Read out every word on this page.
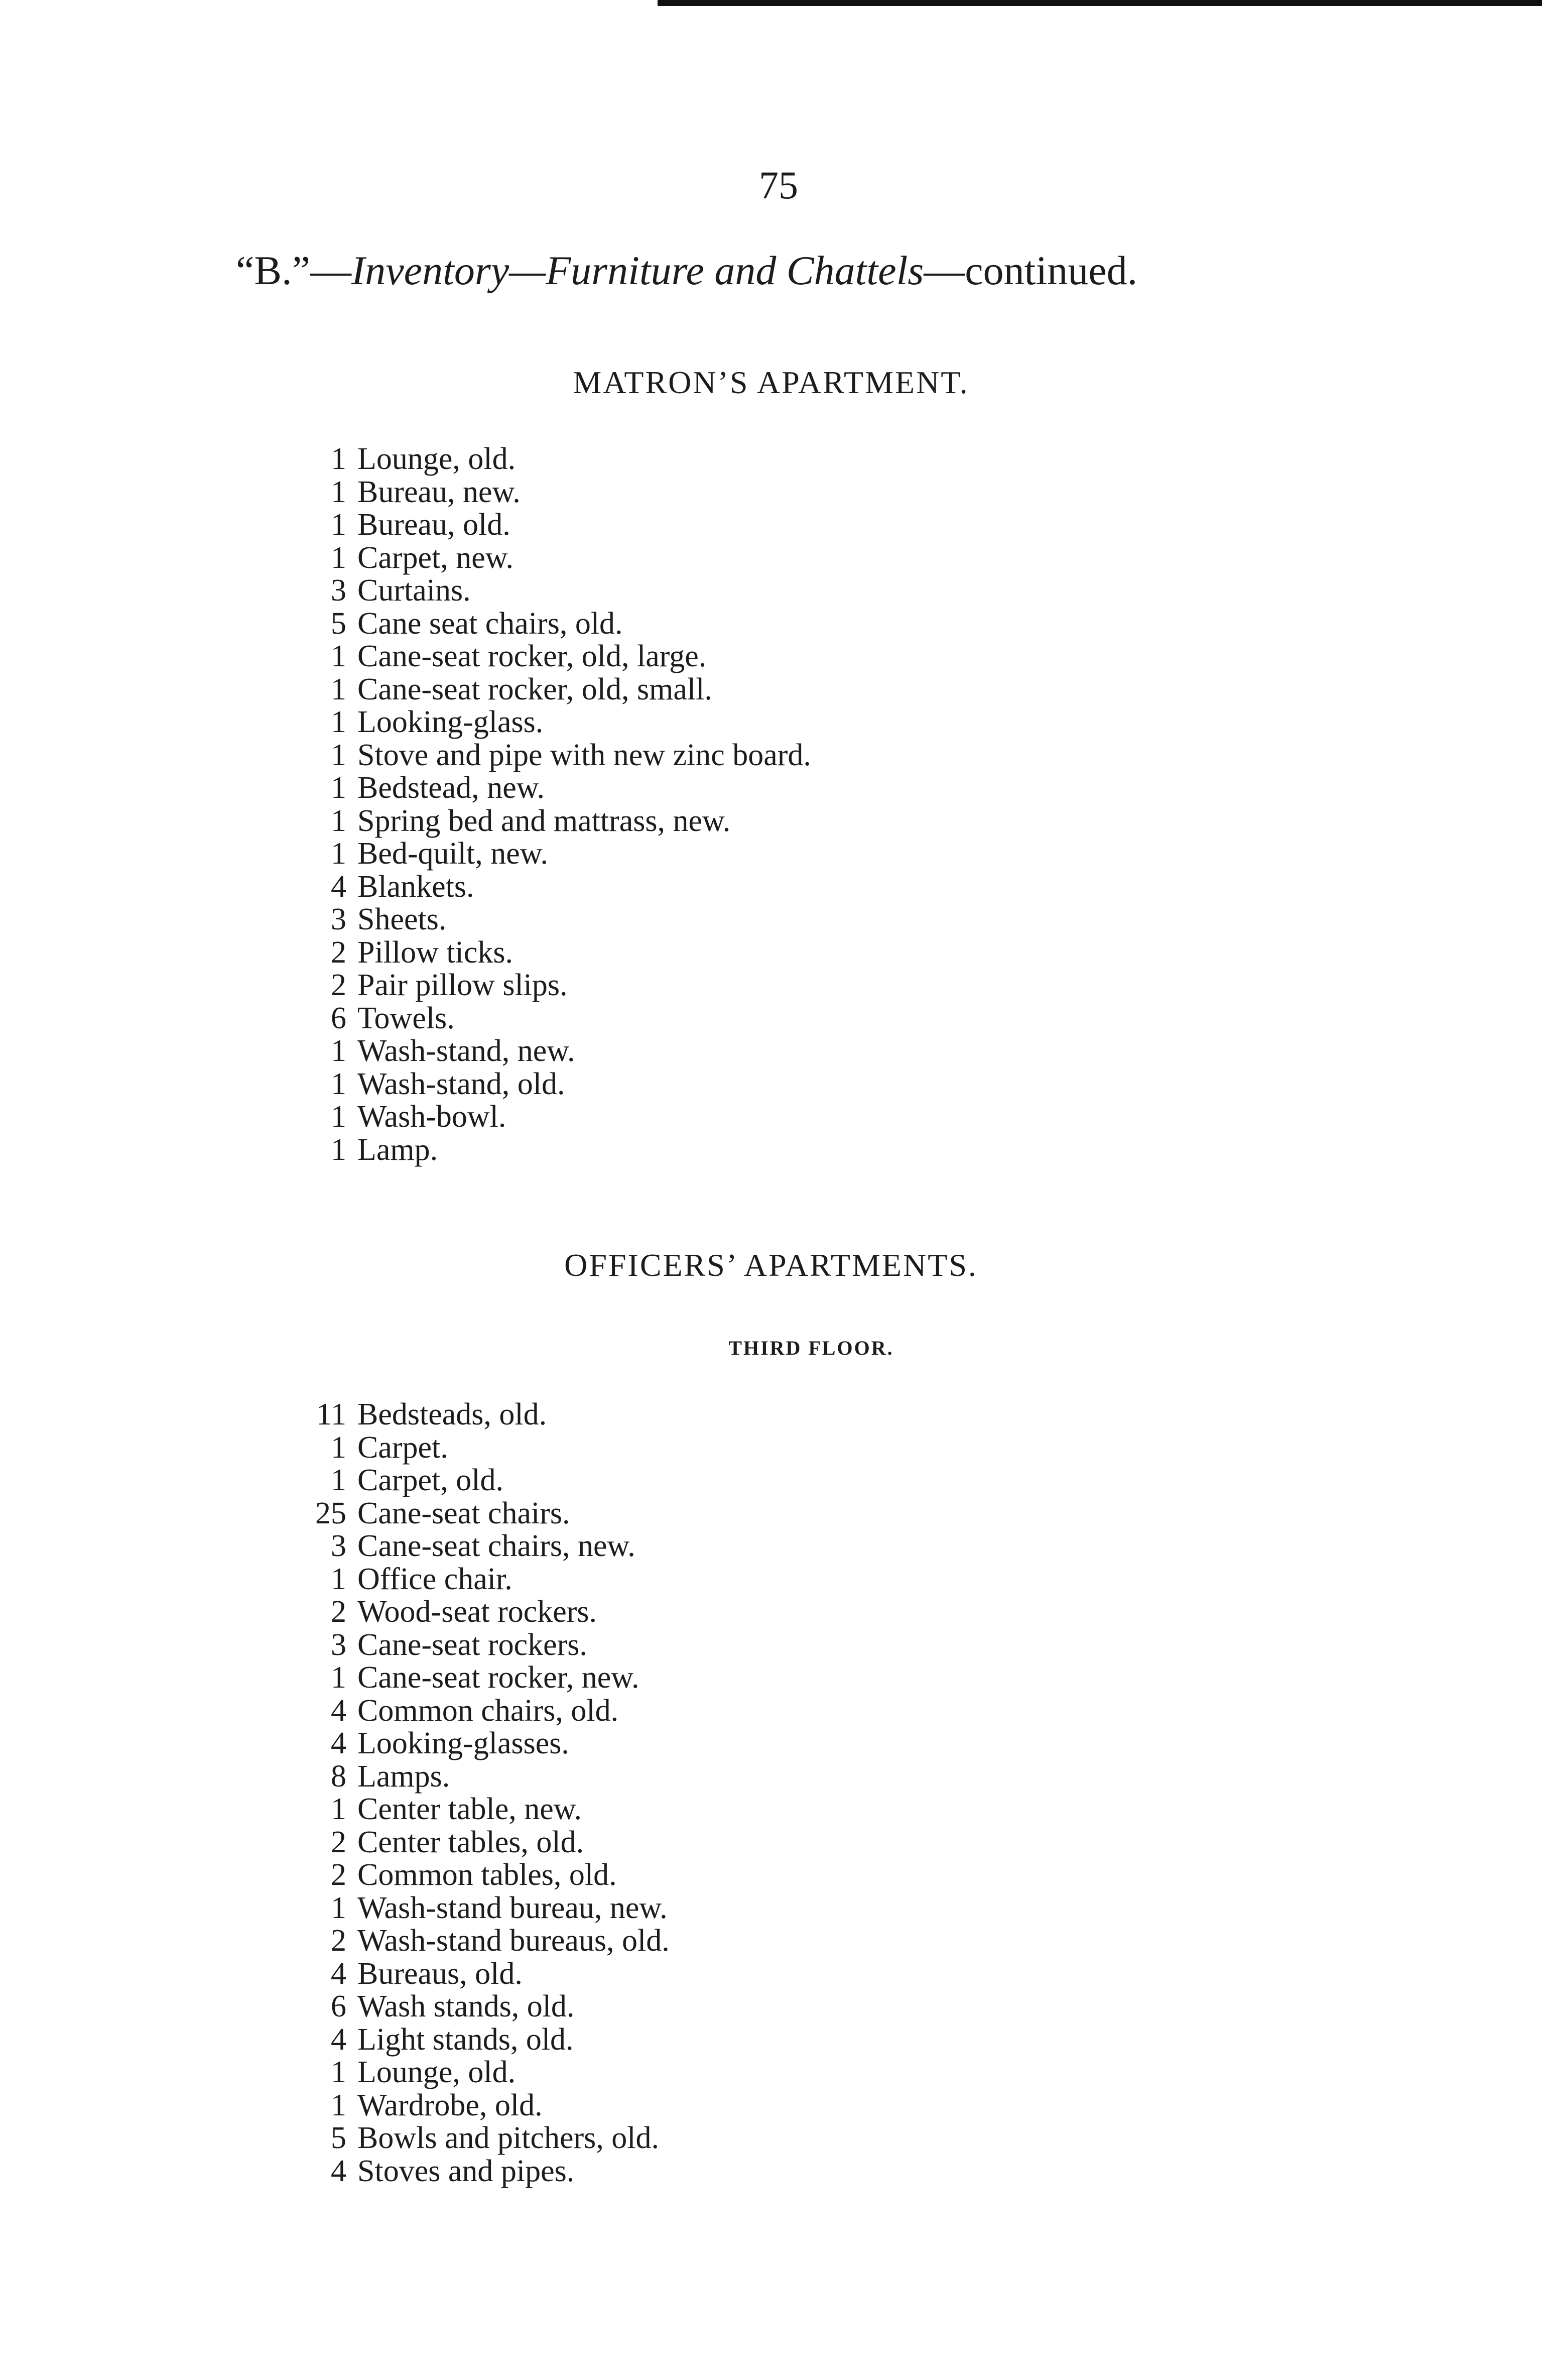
75
“B.”—Inventory—Furniture and Chattels—continued.
MATRON’S APARTMENT.
1 Lounge, old.
1 Bureau, new.
1 Bureau, old.
1 Carpet, new.
3 Curtains.
5 Cane seat chairs, old.
1 Cane-seat rocker, old, large.
1 Cane-seat rocker, old, small.
1 Looking-glass.
1 Stove and pipe with new zinc board.
1 Bedstead, new.
1 Spring bed and mattrass, new.
1 Bed-quilt, new.
4 Blankets.
3 Sheets.
2 Pillow ticks.
2 Pair pillow slips.
6 Towels.
1 Wash-stand, new.
1 Wash-stand, old.
1 Wash-bowl.
1 Lamp.
OFFICERS’ APARTMENTS.
THIRD FLOOR.
11 Bedsteads, old.
1 Carpet.
1 Carpet, old.
25 Cane-seat chairs.
3 Cane-seat chairs, new.
1 Office chair.
2 Wood-seat rockers.
3 Cane-seat rockers.
1 Cane-seat rocker, new.
4 Common chairs, old.
4 Looking-glasses.
8 Lamps.
1 Center table, new.
2 Center tables, old.
2 Common tables, old.
1 Wash-stand bureau, new.
2 Wash-stand bureaus, old.
4 Bureaus, old.
6 Wash stands, old.
4 Light stands, old.
1 Lounge, old.
1 Wardrobe, old.
5 Bowls and pitchers, old.
4 Stoves and pipes.
